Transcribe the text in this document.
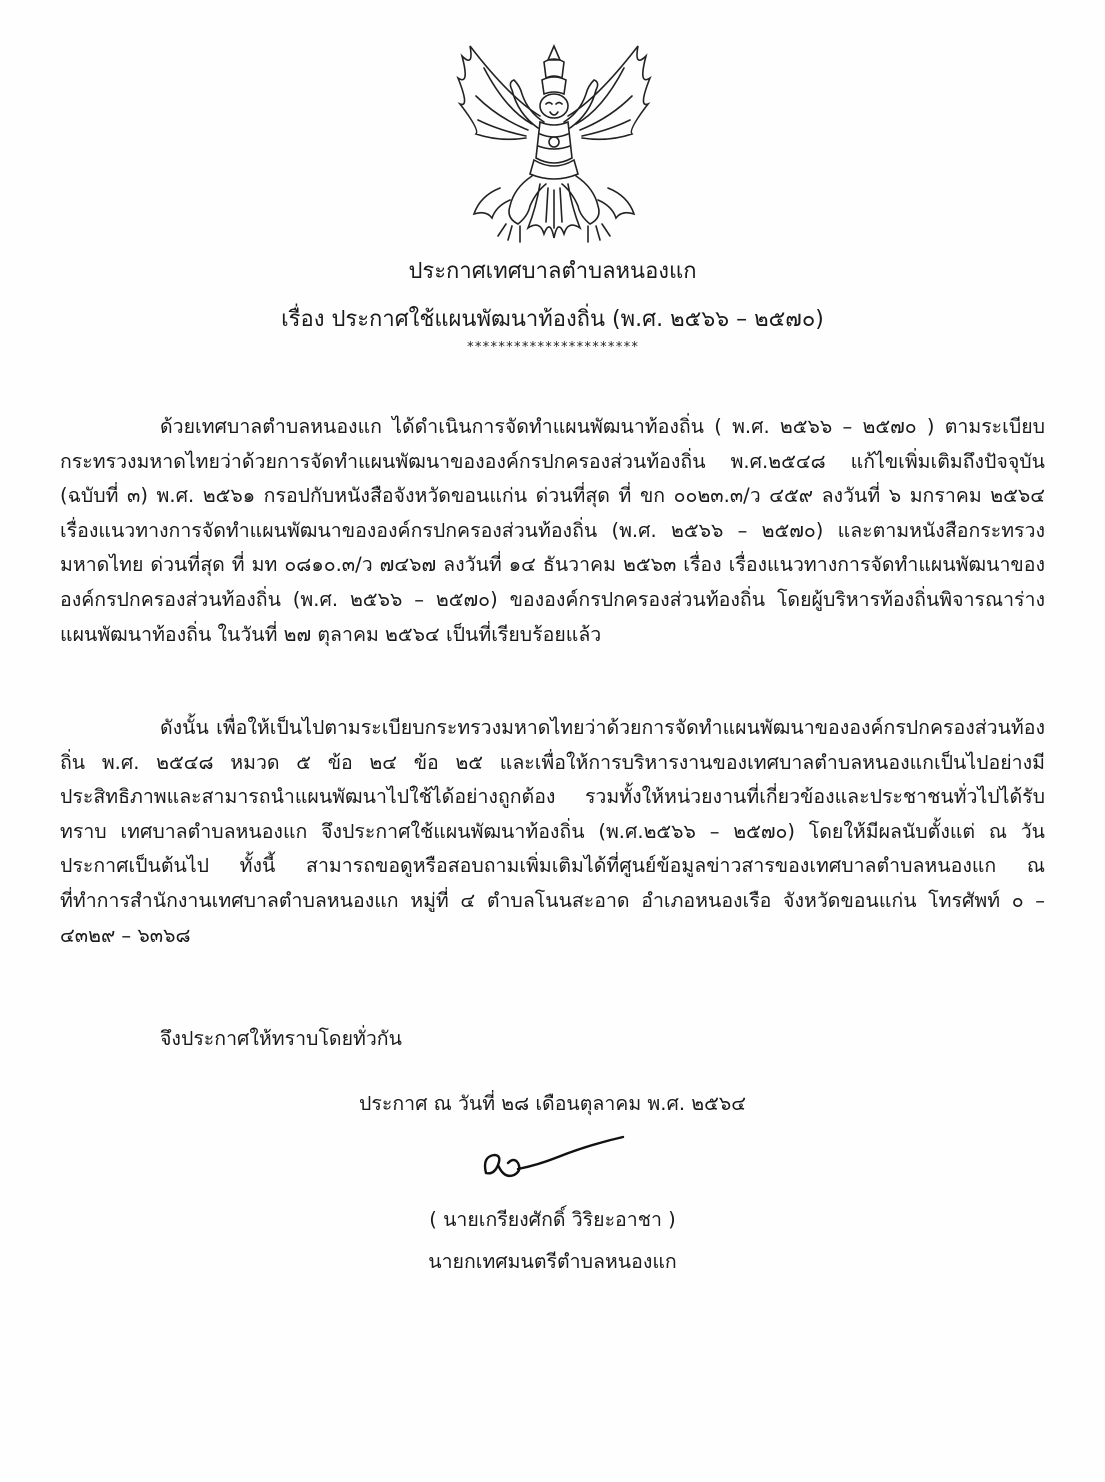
ประกาศเทศบาลตำบลหนองแก
เรื่อง ประกาศใช้แผนพัฒนาท้องถิ่น (พ.ศ. ๒๕๖๖ – ๒๕๗๐)
**********************

ด้วยเทศบาลตำบลหนองแก ได้ดำเนินการจัดทำแผนพัฒนาท้องถิ่น ( พ.ศ. ๒๕๖๖ – ๒๕๗๐ ) ตามระเบียบกระทรวงมหาดไทยว่าด้วยการจัดทำแผนพัฒนาขององค์กรปกครองส่วนท้องถิ่น พ.ศ.๒๕๔๘ แก้ไขเพิ่มเติมถึงปัจจุบัน (ฉบับที่ ๓) พ.ศ. ๒๕๖๑ กรอปกับหนังสือจังหวัดขอนแก่น ด่วนที่สุด ที่ ขก ๐๐๒๓.๓/ว ๔๕๙ ลงวันที่ ๖ มกราคม ๒๕๖๔ เรื่องแนวทางการจัดทำแผนพัฒนาขององค์กรปกครองส่วนท้องถิ่น (พ.ศ. ๒๕๖๖ – ๒๕๗๐) และตามหนังสือกระทรวงมหาดไทย ด่วนที่สุด ที่ มท ๐๘๑๐.๓/ว ๗๔๖๗ ลงวันที่ ๑๔ ธันวาคม ๒๕๖๓ เรื่อง เรื่องแนวทางการจัดทำแผนพัฒนาขององค์กรปกครองส่วนท้องถิ่น (พ.ศ. ๒๕๖๖ – ๒๕๗๐) ขององค์กรปกครองส่วนท้องถิ่น โดยผู้บริหารท้องถิ่นพิจารณาร่างแผนพัฒนาท้องถิ่น ในวันที่ ๒๗ ตุลาคม ๒๕๖๔ เป็นที่เรียบร้อยแล้ว

ดังนั้น เพื่อให้เป็นไปตามระเบียบกระทรวงมหาดไทยว่าด้วยการจัดทำแผนพัฒนาขององค์กรปกครองส่วนท้องถิ่น พ.ศ. ๒๕๔๘ หมวด ๕ ข้อ ๒๔ ข้อ ๒๕ และเพื่อให้การบริหารงานของเทศบาลตำบลหนองแกเป็นไปอย่างมีประสิทธิภาพและสามารถนำแผนพัฒนาไปใช้ได้อย่างถูกต้อง รวมทั้งให้หน่วยงานที่เกี่ยวข้องและประชาชนทั่วไปได้รับทราบ เทศบาลตำบลหนองแก จึงประกาศใช้แผนพัฒนาท้องถิ่น (พ.ศ.๒๕๖๖ – ๒๕๗๐) โดยให้มีผลนับตั้งแต่ ณ วันประกาศเป็นต้นไป ทั้งนี้ สามารถขอดูหรือสอบถามเพิ่มเติมได้ที่ศูนย์ข้อมูลข่าวสารของเทศบาลตำบลหนองแก ณ ที่ทำการสำนักงานเทศบาลตำบลหนองแก หมู่ที่ ๔ ตำบลโนนสะอาด อำเภอหนองเรือ จังหวัดขอนแก่น โทรศัพท์ ๐ – ๔๓๒๙ – ๖๓๖๘

จึงประกาศให้ทราบโดยทั่วกัน
ประกาศ ณ วันที่ ๒๘ เดือนตุลาคม พ.ศ. ๒๕๖๔
( นายเกรียงศักดิ์ วิริยะอาชา )
นายกเทศมนตรีตำบลหนองแก
